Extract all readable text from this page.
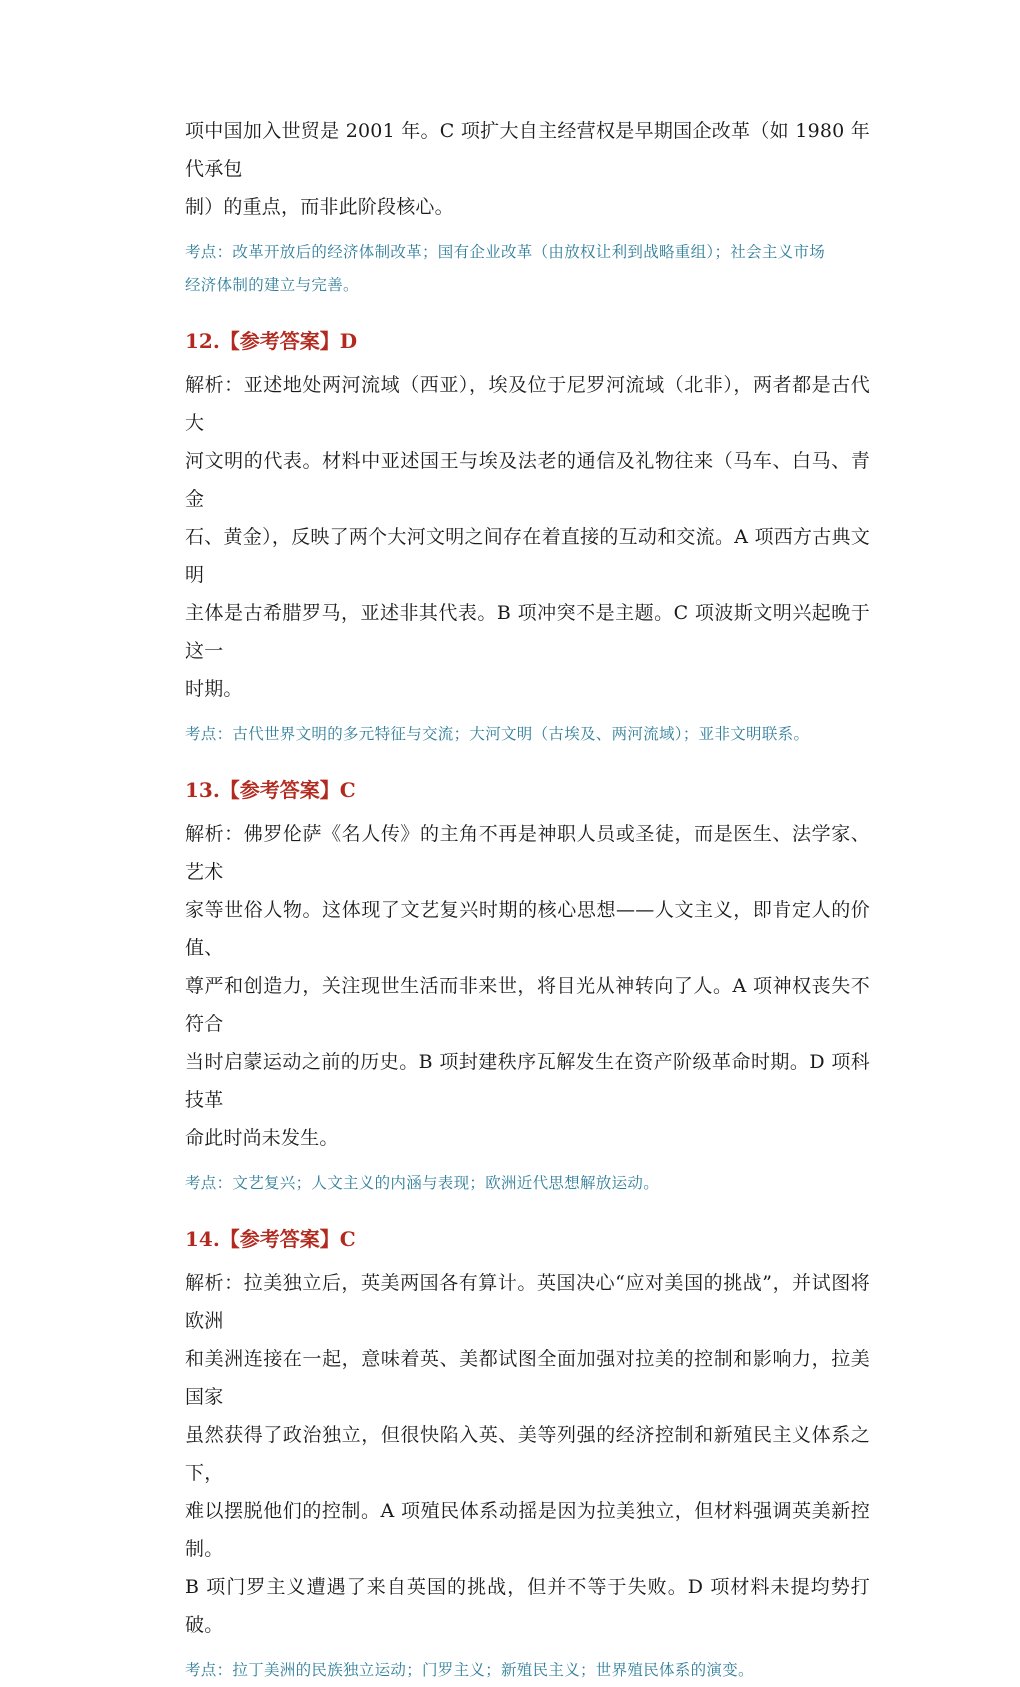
项中国加入世贸是 2001 年。C 项扩大自主经营权是早期国企改革（如 1980 年代承包
制）的重点，而非此阶段核心。

考点：改革开放后的经济体制改革；国有企业改革（由放权让利到战略重组）；社会主义市场
经济体制的建立与完善。

12.【参考答案】D

解析：亚述地处两河流域（西亚），埃及位于尼罗河流域（北非），两者都是古代大
河文明的代表。材料中亚述国王与埃及法老的通信及礼物往来（马车、白马、青金
石、黄金），反映了两个大河文明之间存在着直接的互动和交流。A 项西方古典文明
主体是古希腊罗马，亚述非其代表。B 项冲突不是主题。C 项波斯文明兴起晚于这一
时期。

考点：古代世界文明的多元特征与交流；大河文明（古埃及、两河流域）；亚非文明联系。

13.【参考答案】C

解析：佛罗伦萨《名人传》的主角不再是神职人员或圣徒，而是医生、法学家、艺术
家等世俗人物。这体现了文艺复兴时期的核心思想——人文主义，即肯定人的价值、
尊严和创造力，关注现世生活而非来世，将目光从神转向了人。A 项神权丧失不符合
当时启蒙运动之前的历史。B 项封建秩序瓦解发生在资产阶级革命时期。D 项科技革
命此时尚未发生。

考点：文艺复兴；人文主义的内涵与表现；欧洲近代思想解放运动。

14.【参考答案】C

解析：拉美独立后，英美两国各有算计。英国决心“应对美国的挑战”，并试图将欧洲
和美洲连接在一起，意味着英、美都试图全面加强对拉美的控制和影响力，拉美国家
虽然获得了政治独立，但很快陷入英、美等列强的经济控制和新殖民主义体系之下，
难以摆脱他们的控制。A 项殖民体系动摇是因为拉美独立，但材料强调英美新控制。
B 项门罗主义遭遇了来自英国的挑战，但并不等于失败。D 项材料未提均势打破。

考点：拉丁美洲的民族独立运动；门罗主义；新殖民主义；世界殖民体系的演变。
